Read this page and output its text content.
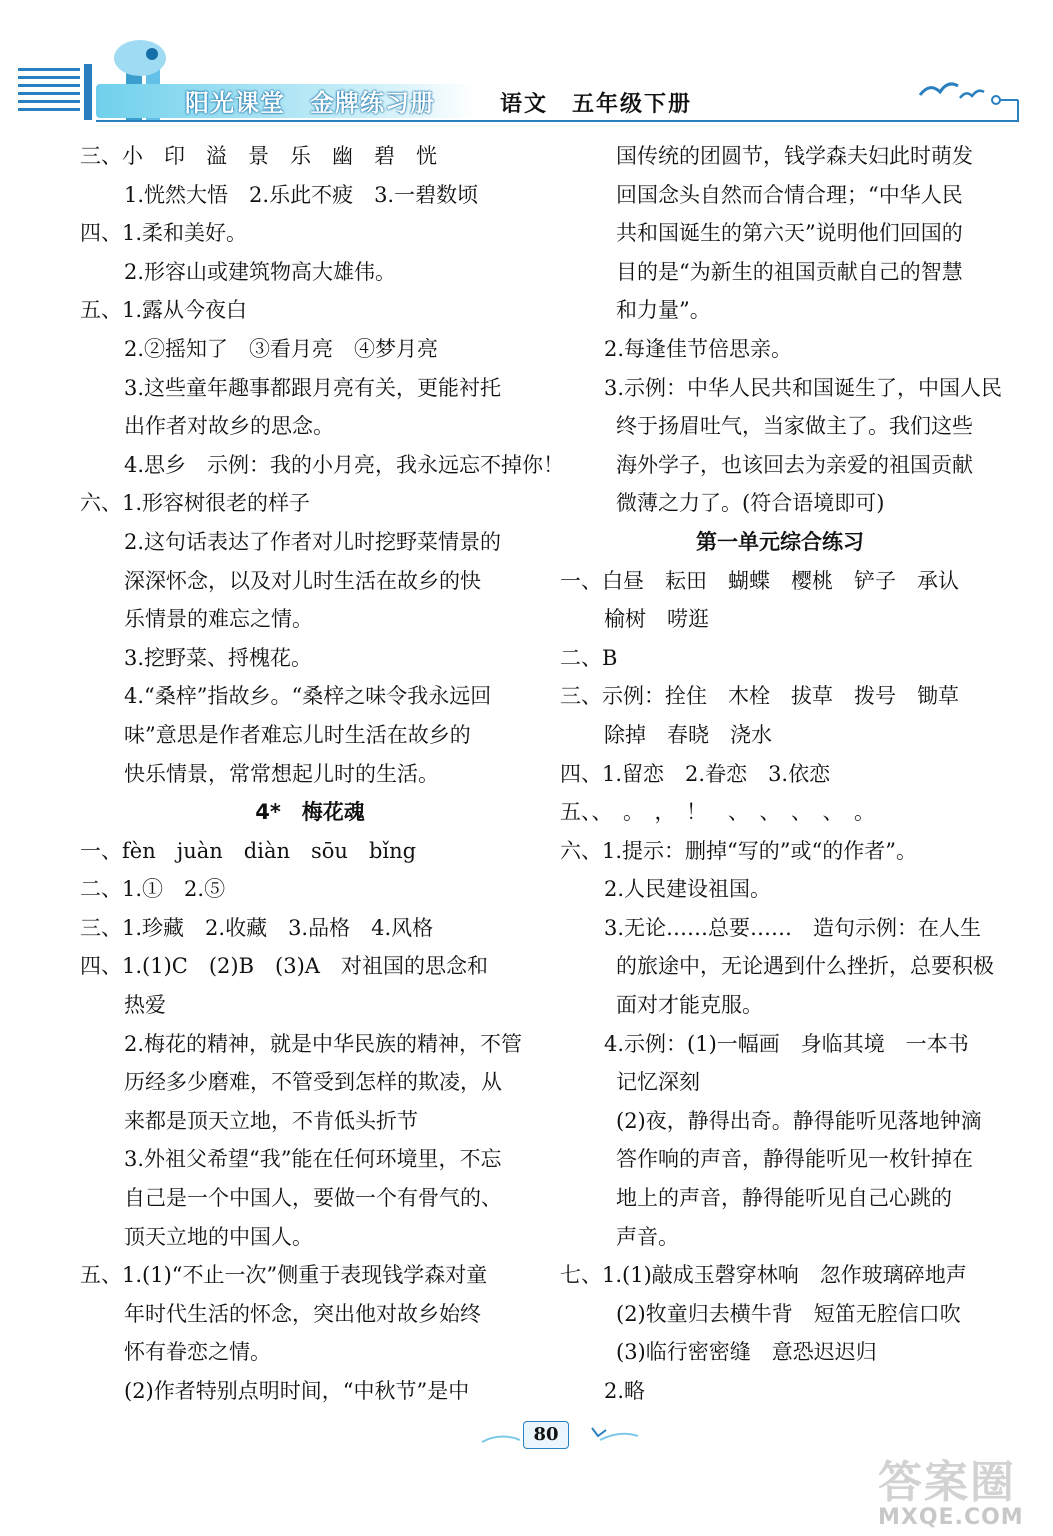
阳光课堂　金牌练习册	语文　五年级下册
三、小　印　溢　景　乐　幽　碧　恍
1.恍然大悟　2.乐此不疲　3.一碧数顷
四、1.柔和美好。
2.形容山或建筑物高大雄伟。
五、1.露从今夜白
2.②摇知了　③看月亮　④梦月亮
3.这些童年趣事都跟月亮有关，更能衬托
出作者对故乡的思念。
4.思乡　示例：我的小月亮，我永远忘不掉你！
六、1.形容树很老的样子
2.这句话表达了作者对儿时挖野菜情景的
深深怀念，以及对儿时生活在故乡的快
乐情景的难忘之情。
3.挖野菜、捋槐花。
4.“桑梓”指故乡。“桑梓之味令我永远回
味”意思是作者难忘儿时生活在故乡的
快乐情景，常常想起儿时的生活。
4*　梅花魂
一、fèn　juàn　diàn　sōu　bǐng
二、1.①　2.⑤
三、1.珍藏　2.收藏　3.品格　4.风格
四、1.(1)C　(2)B　(3)A　对祖国的思念和
热爱
2.梅花的精神，就是中华民族的精神，不管
历经多少磨难，不管受到怎样的欺凌，从
来都是顶天立地，不肯低头折节
3.外祖父希望“我”能在任何环境里，不忘
自己是一个中国人，要做一个有骨气的、
顶天立地的中国人。
五、1.(1)“不止一次”侧重于表现钱学森对童
年时代生活的怀念，突出他对故乡始终
怀有眷恋之情。
(2)作者特别点明时间，“中秋节”是中
国传统的团圆节，钱学森夫妇此时萌发
回国念头自然而合情合理；“中华人民
共和国诞生的第六天”说明他们回国的
目的是“为新生的祖国贡献自己的智慧
和力量”。
2.每逢佳节倍思亲。
3.示例：中华人民共和国诞生了，中国人民
终于扬眉吐气，当家做主了。我们这些
海外学子，也该回去为亲爱的祖国贡献
微薄之力了。(符合语境即可)
第一单元综合练习
一、白昼　耘田　蝴蝶　樱桃　铲子　承认
榆树　唠逛
二、B
三、示例：拴住　木栓　拔草　拨号　锄草
除掉　春晓　浇水
四、1.留恋　2.眷恋　3.依恋
五、、　。　，　！　、　、　、　、　。
六、1.提示：删掉“写的”或“的作者”。
2.人民建设祖国。
3.无论……总要……　造句示例：在人生
的旅途中，无论遇到什么挫折，总要积极
面对才能克服。
4.示例：(1)一幅画　身临其境　一本书
记忆深刻
(2)夜，静得出奇。静得能听见落地钟滴
答作响的声音，静得能听见一枚针掉在
地上的声音，静得能听见自己心跳的
声音。
七、1.(1)敲成玉磬穿林响　忽作玻璃碎地声
(2)牧童归去横牛背　短笛无腔信口吹
(3)临行密密缝　意恐迟迟归
2.略
80
答案圈
MXQE.COM
